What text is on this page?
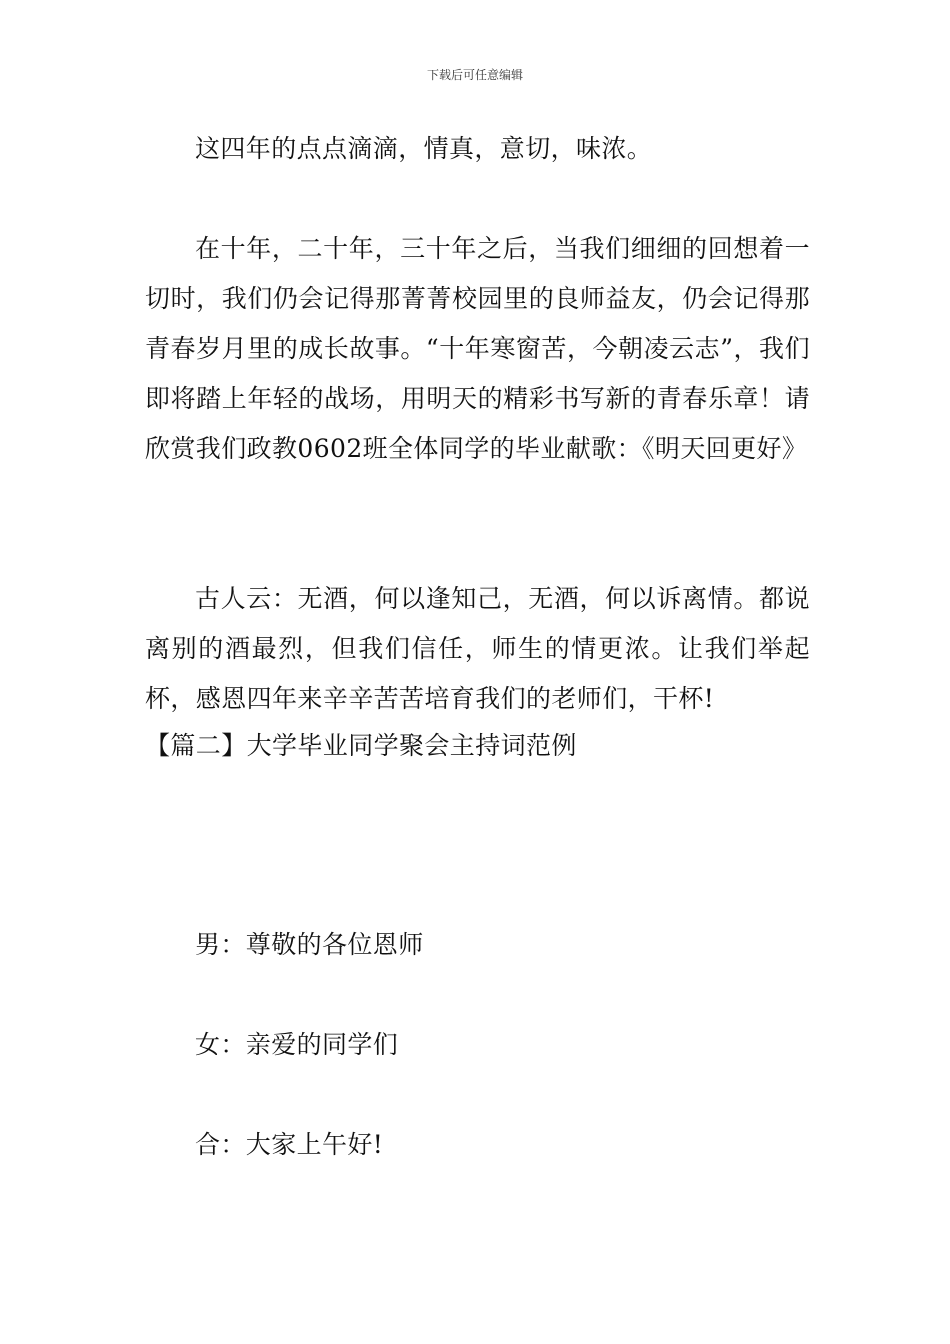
下载后可任意编辑

这四年的点点滴滴，情真，意切，味浓。

在十年，二十年，三十年之后，当我们细细的回想着一切时，我们仍会记得那菁菁校园里的良师益友，仍会记得那青春岁月里的成长故事。“十年寒窗苦，今朝凌云志”，我们即将踏上年轻的战场，用明天的精彩书写新的青春乐章！请欣赏我们政教0602班全体同学的毕业献歌：《明天回更好》

古人云：无酒，何以逢知己，无酒，何以诉离情。都说离别的酒最烈，但我们信任，师生的情更浓。让我们举起杯，感恩四年来辛辛苦苦培育我们的老师们，干杯!

【篇二】大学毕业同学聚会主持词范例

男：尊敬的各位恩师

女：亲爱的同学们

合：大家上午好!
